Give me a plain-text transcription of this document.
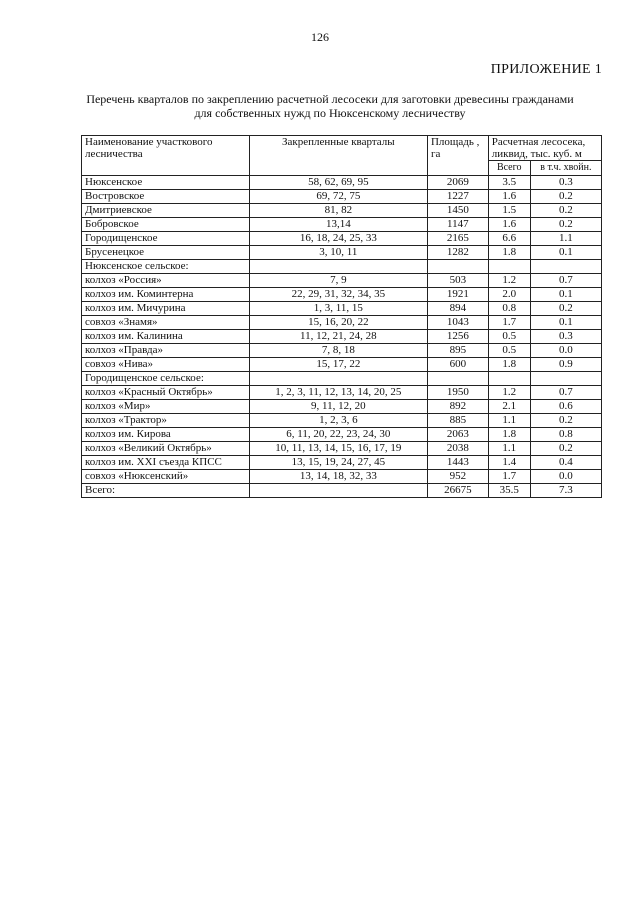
126
ПРИЛОЖЕНИЕ 1
Перечень кварталов по закреплению расчетной лесосеки для заготовки древесины гражданами
для собственных нужд по Нюксенскому лесничеству
Наименование участкового лесничества	Закрепленные кварталы	Площадь , га	Расчетная лесосека, ликвид, тыс. куб. м	
			Всего	в т.ч. хвойн.
Нюксенское	58, 62, 69, 95	2069	3.5	0.3
Востровское	69, 72, 75	1227	1.6	0.2
Дмитриевское	81, 82	1450	1.5	0.2
Бобровское	13,14	1147	1.6	0.2
Городищенское	16, 18, 24, 25, 33	2165	6.6	1.1
Брусенецкое	3, 10, 11	1282	1.8	0.1
Нюксенское сельское:				
колхоз «Россия»	7, 9	503	1.2	0.7
колхоз им. Коминтерна	22, 29, 31, 32, 34, 35	1921	2.0	0.1
колхоз им. Мичурина	1, 3, 11, 15	894	0.8	0.2
совхоз «Знамя»	15, 16, 20, 22	1043	1.7	0.1
колхоз им. Калинина	11, 12, 21, 24, 28	1256	0.5	0.3
колхоз «Правда»	7, 8, 18	895	0.5	0.0
совхоз «Нива»	15, 17, 22	600	1.8	0.9
Городищенское сельское:				
колхоз «Красный Октябрь»	1, 2, 3, 11, 12, 13, 14, 20, 25	1950	1.2	0.7
колхоз «Мир»	9, 11, 12, 20	892	2.1	0.6
колхоз «Трактор»	1, 2, 3, 6	885	1.1	0.2
колхоз им. Кирова	6, 11, 20, 22, 23, 24, 30	2063	1.8	0.8
колхоз «Великий Октябрь»	10, 11, 13, 14, 15, 16, 17, 19	2038	1.1	0.2
колхоз им. XXI съезда КПСС	13, 15, 19, 24, 27, 45	1443	1.4	0.4
совхоз «Нюксенский»	13, 14, 18, 32, 33	952	1.7	0.0
Всего:		26675	35.5	7.3
